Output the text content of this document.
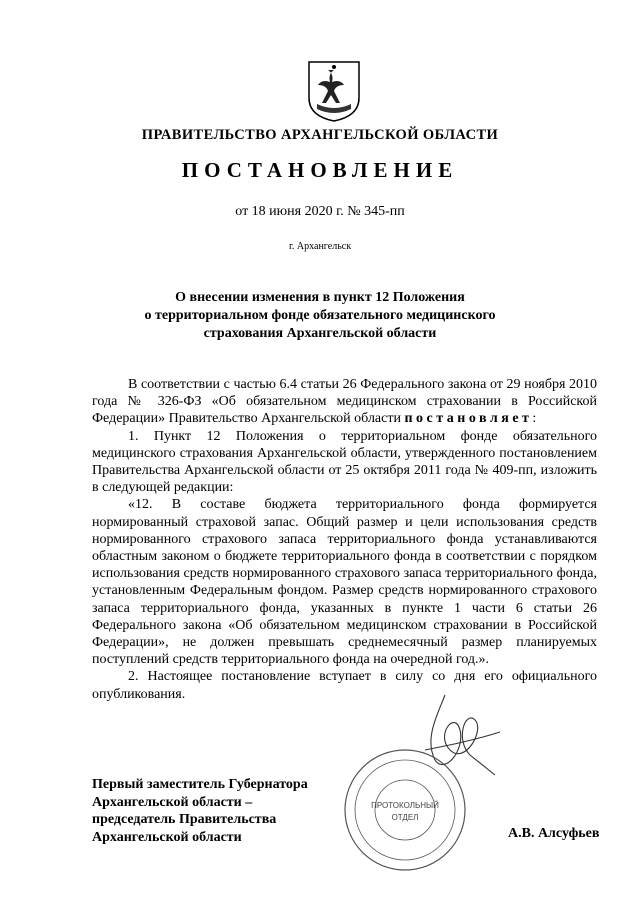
ПРАВИТЕЛЬСТВО АРХАНГЕЛЬСКОЙ ОБЛАСТИ
ПОСТАНОВЛЕНИЕ
от 18 июня 2020 г. № 345-пп
г. Архангельск
О внесении изменения в пункт 12 Положения
о территориальном фонде обязательного медицинского
страхования Архангельской области

В соответствии с частью 6.4 статьи 26 Федерального закона от 29 ноября 2010 года № 326-ФЗ «Об обязательном медицинском страховании в Российской Федерации» Правительство Архангельской области постановляет:

1. Пункт 12 Положения о территориальном фонде обязательного медицинского страхования Архангельской области, утвержденного постановлением Правительства Архангельской области от 25 октября 2011 года № 409-пп, изложить в следующей редакции:

«12. В составе бюджета территориального фонда формируется нормированный страховой запас. Общий размер и цели использования средств нормированного страхового запаса территориального фонда устанавливаются областным законом о бюджете территориального фонда в соответствии с порядком использования средств нормированного страхового запаса территориального фонда, установленным Федеральным фондом. Размер средств нормированного страхового запаса территориального фонда, указанных в пункте 1 части 6 статьи 26 Федерального закона «Об обязательном медицинском страховании в Российской Федерации», не должен превышать среднемесячный размер планируемых поступлений средств территориального фонда на очередной год.».

2. Настоящее постановление вступает в силу со дня его официального опубликования.

Первый заместитель Губернатора
Архангельской области –
председатель Правительства
Архангельской области	А.В. Алсуфьев
ПРОТОКОЛЬНЫЙ
ОТДЕЛ
